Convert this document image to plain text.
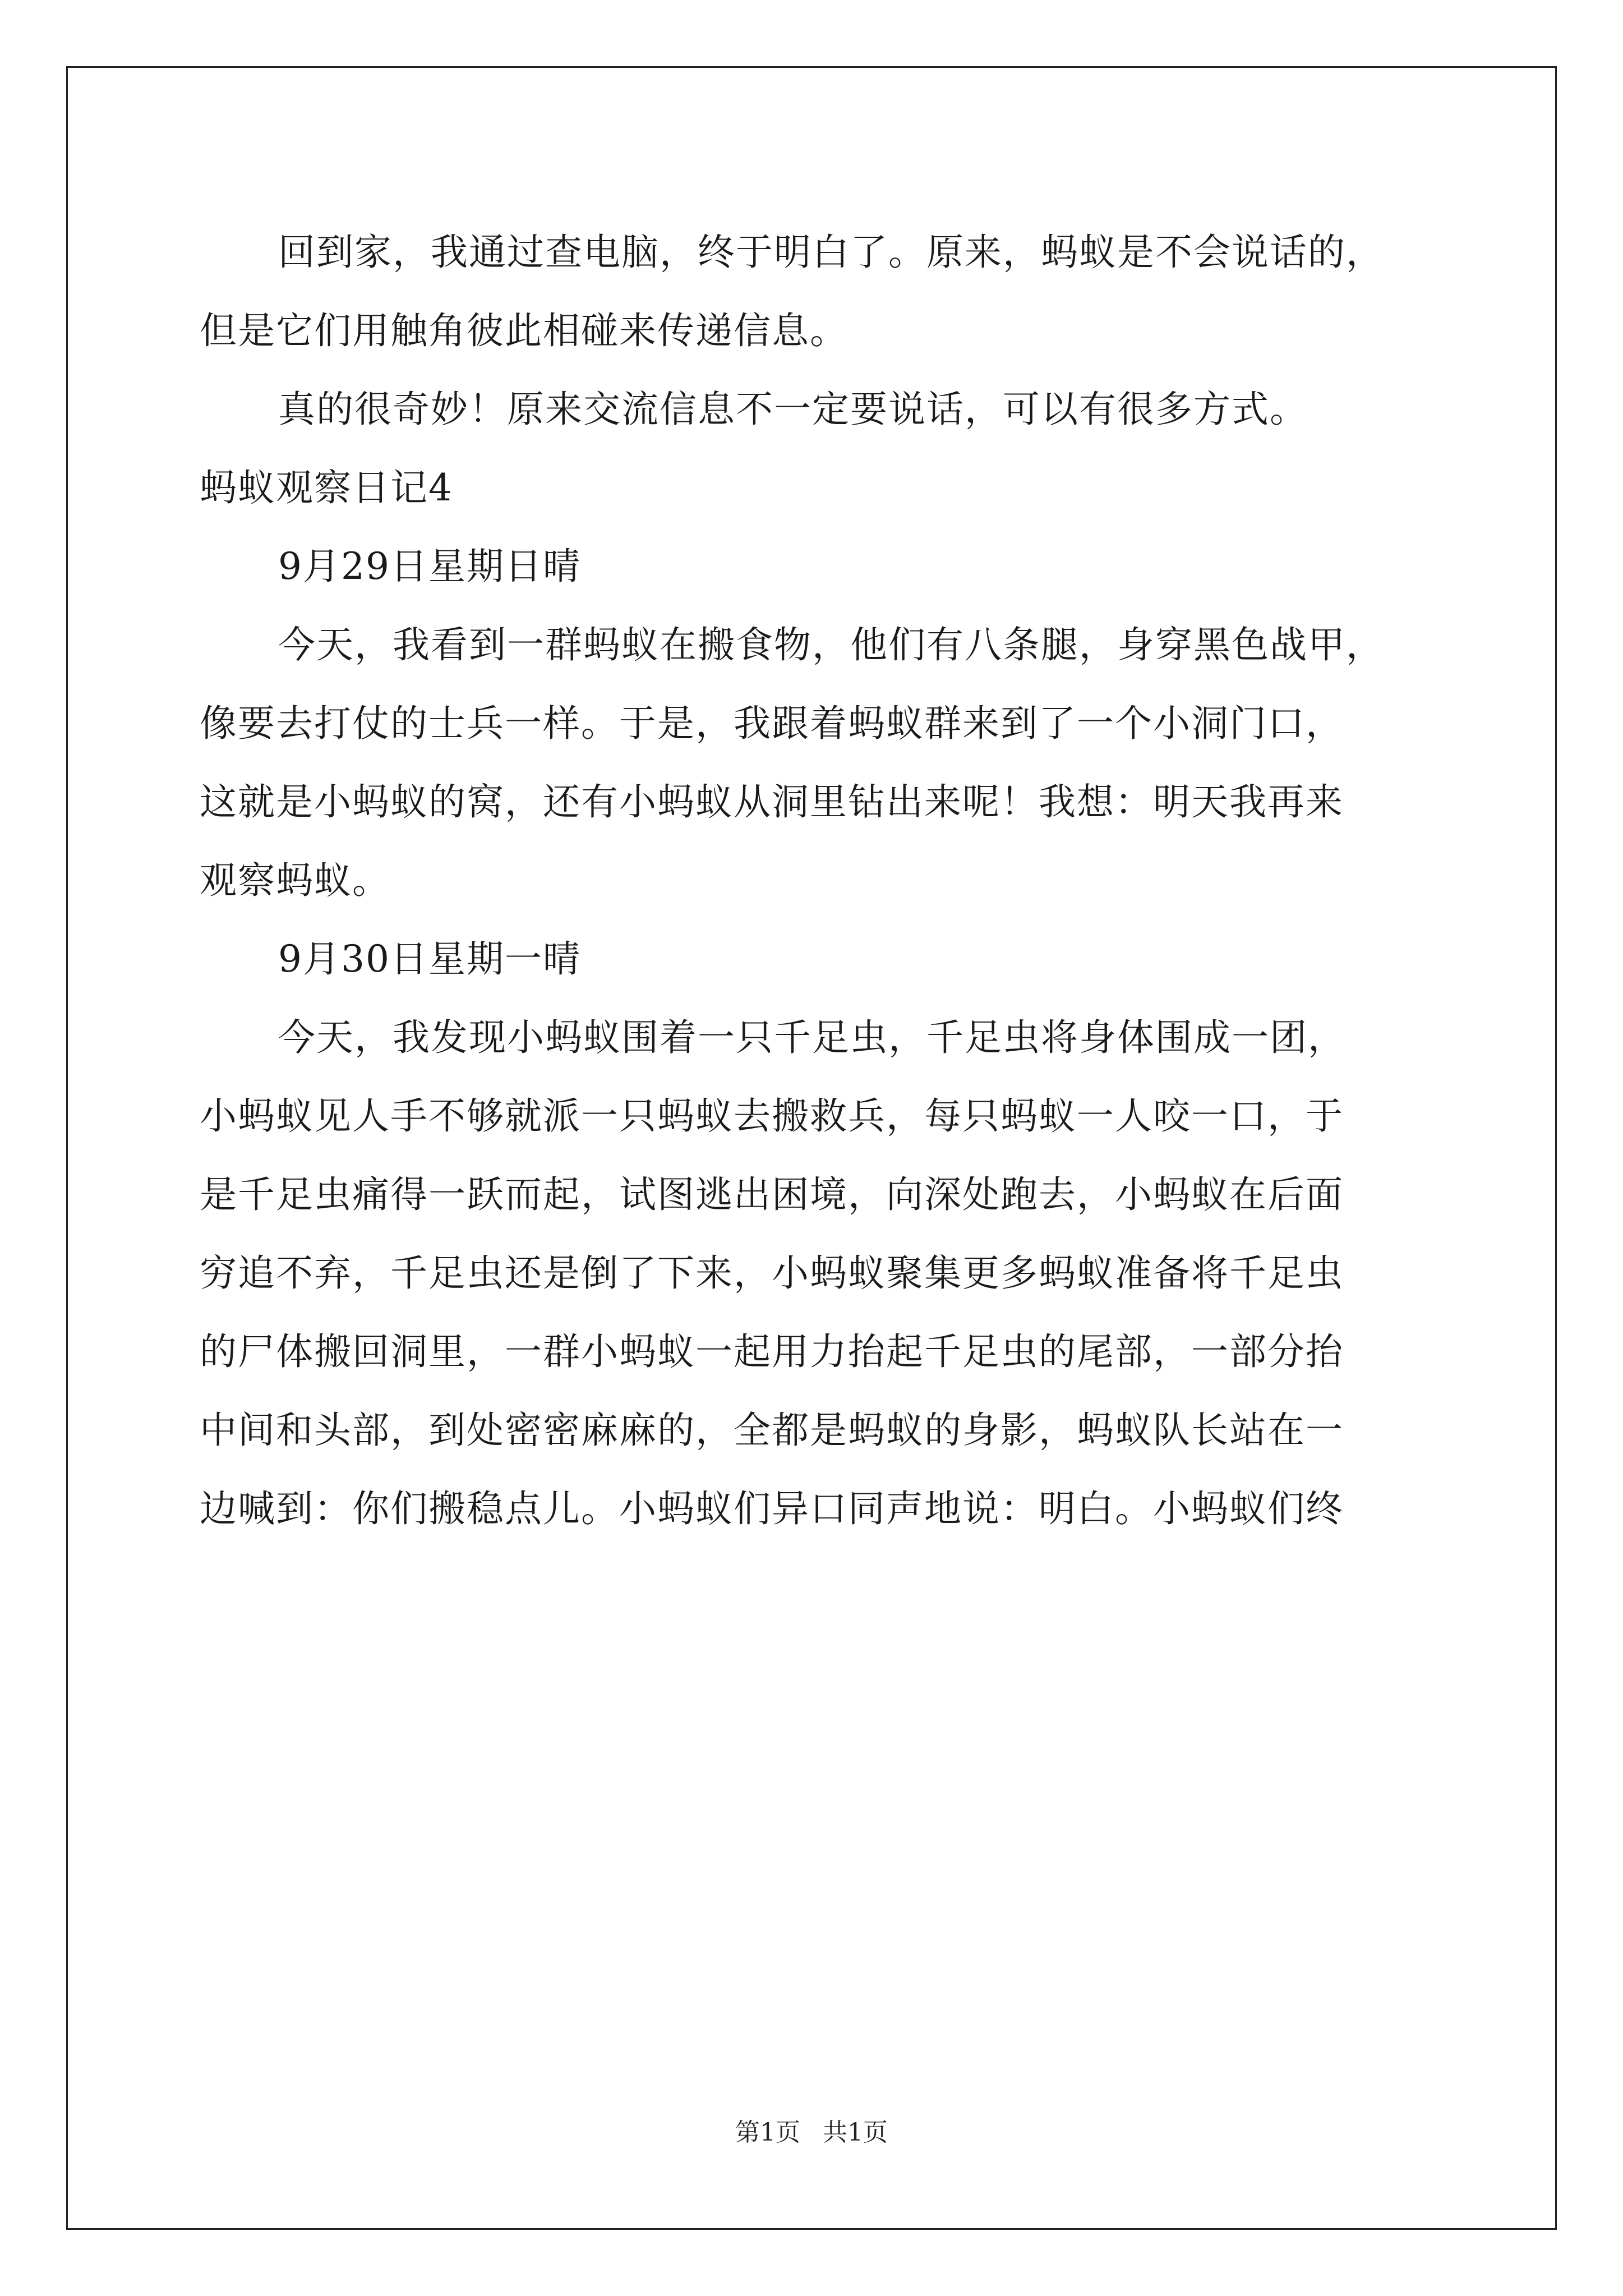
回到家，我通过查电脑，终于明白了。原来，蚂蚁是不会说话的，
但是它们用触角彼此相碰来传递信息。
真的很奇妙！原来交流信息不一定要说话，可以有很多方式。
蚂蚁观察日记4
9月29日星期日晴
今天，我看到一群蚂蚁在搬食物，他们有八条腿，身穿黑色战甲，
像要去打仗的士兵一样。于是，我跟着蚂蚁群来到了一个小洞门口，
这就是小蚂蚁的窝，还有小蚂蚁从洞里钻出来呢！我想：明天我再来
观察蚂蚁。
9月30日星期一晴
今天，我发现小蚂蚁围着一只千足虫，千足虫将身体围成一团，
小蚂蚁见人手不够就派一只蚂蚁去搬救兵，每只蚂蚁一人咬一口，于
是千足虫痛得一跃而起，试图逃出困境，向深处跑去，小蚂蚁在后面
穷追不弃，千足虫还是倒了下来，小蚂蚁聚集更多蚂蚁准备将千足虫
的尸体搬回洞里，一群小蚂蚁一起用力抬起千足虫的尾部，一部分抬
中间和头部，到处密密麻麻的，全都是蚂蚁的身影，蚂蚁队长站在一
边喊到：你们搬稳点儿。小蚂蚁们异口同声地说：明白。小蚂蚁们终
第1页 共1页
